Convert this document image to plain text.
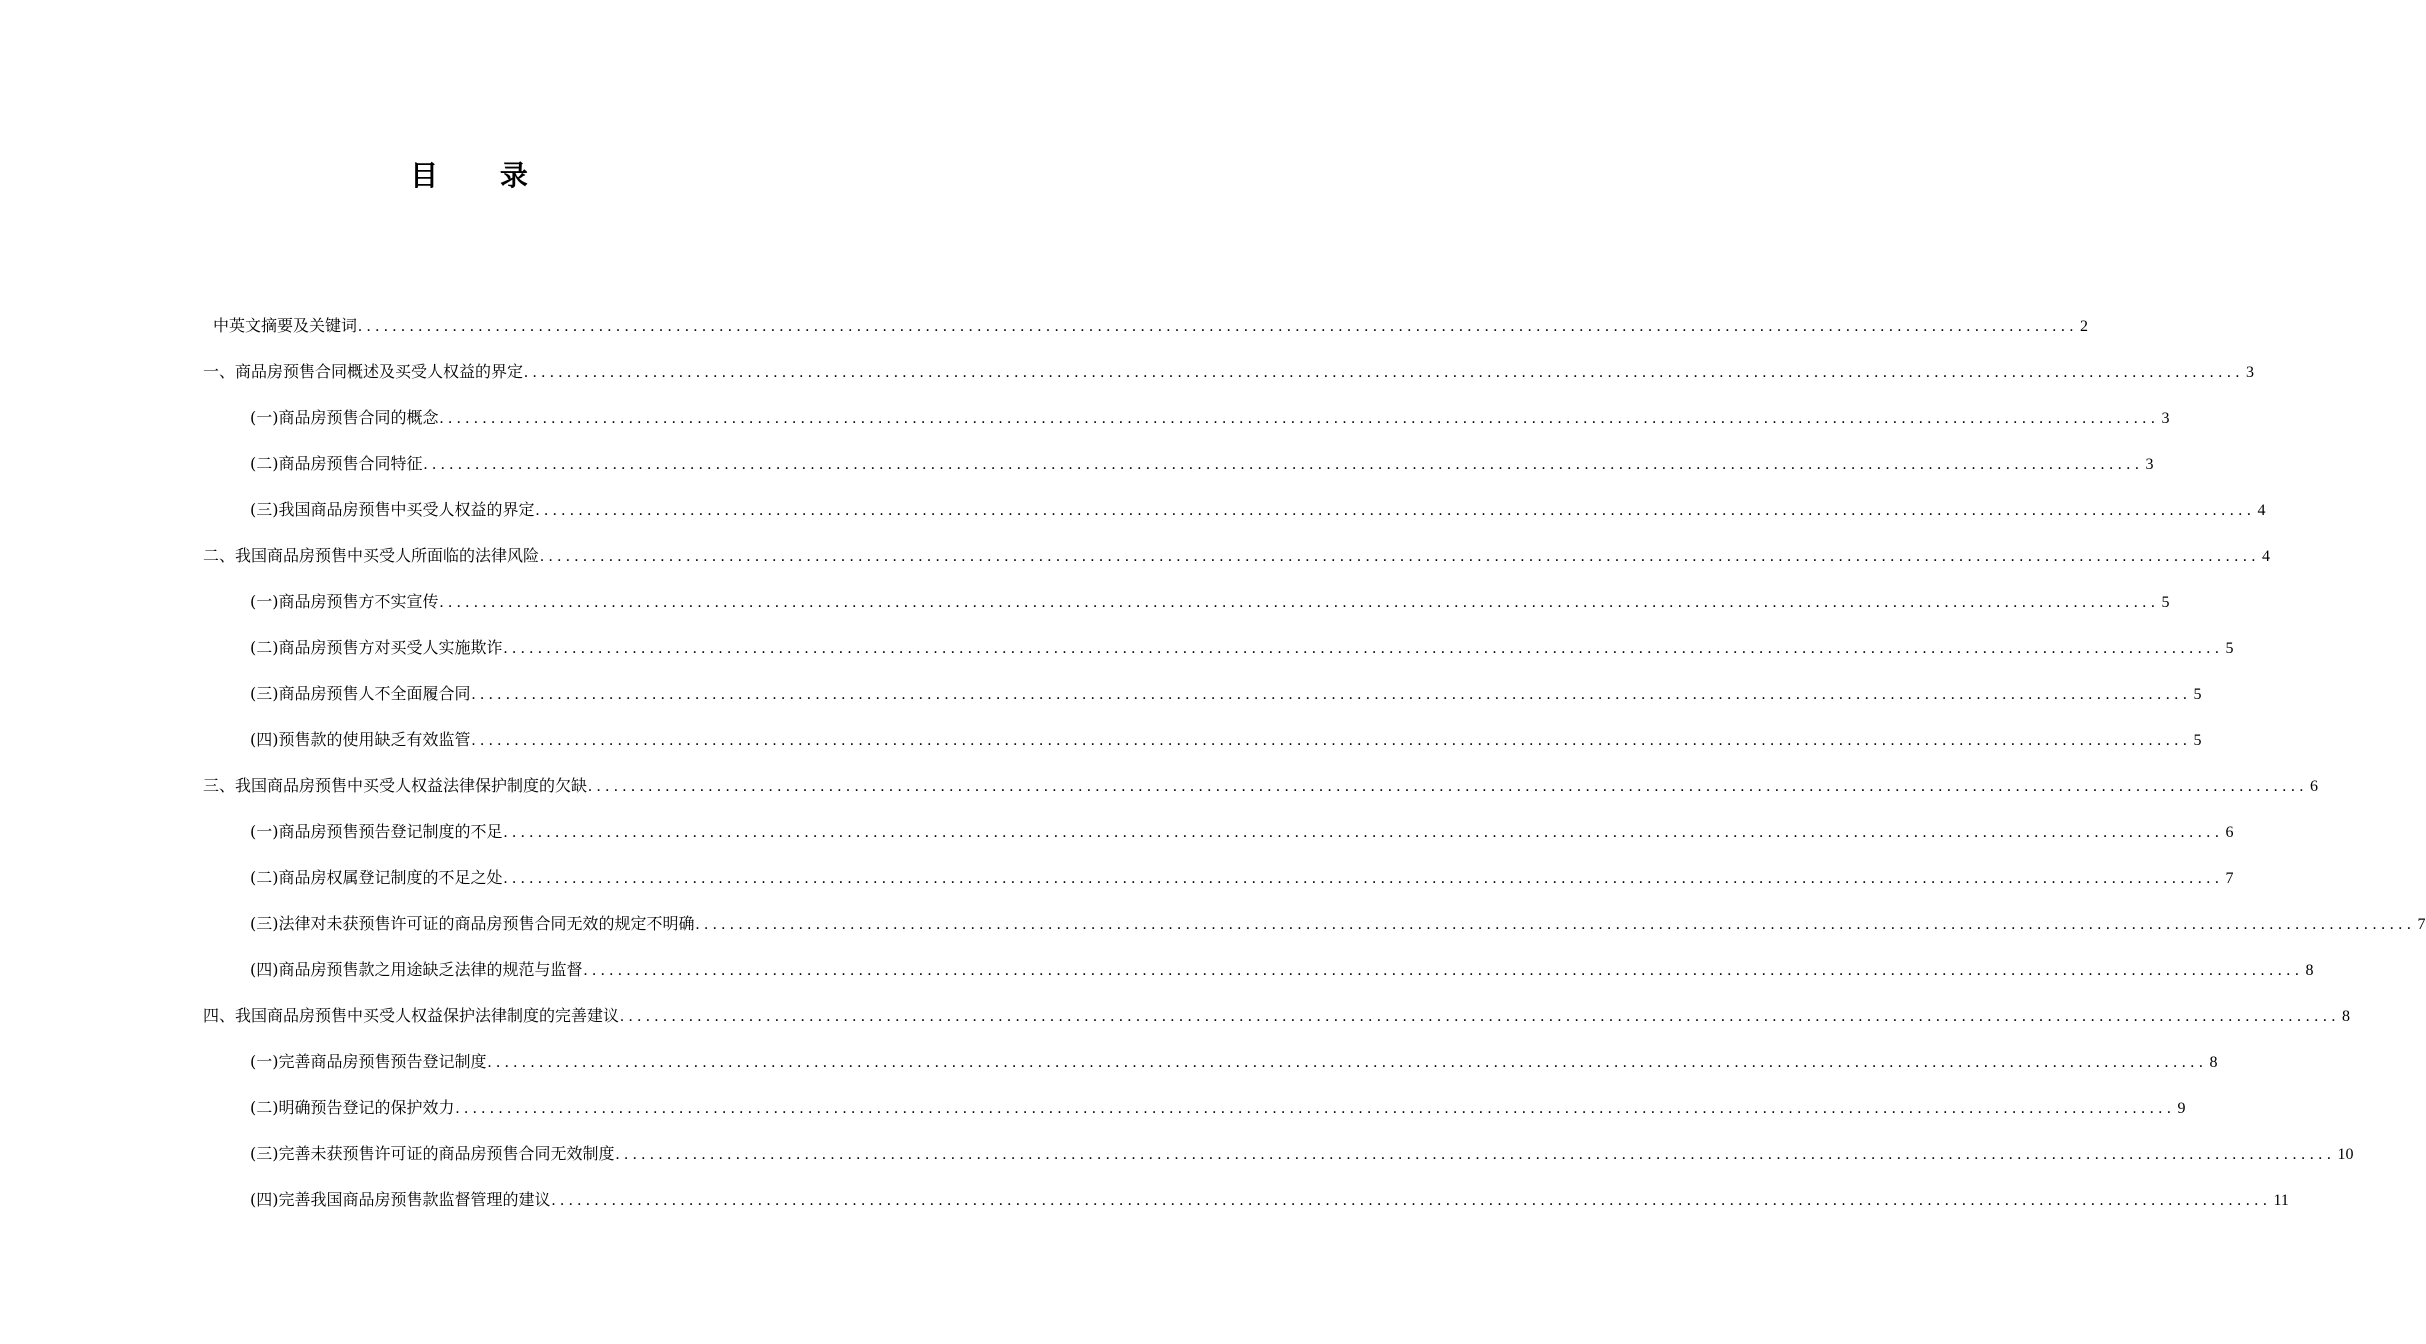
目 录
中英文摘要及关键词 ........................................................................................................................................................................................................ 2
一、商品房预售合同概述及买受人权益的界定 ........................................................................................................................................................................................................ 3
(一)商品房预售合同的概念 ........................................................................................................................................................................................................ 3
(二)商品房预售合同特征 ........................................................................................................................................................................................................ 3
(三)我国商品房预售中买受人权益的界定 ........................................................................................................................................................................................................ 4
二、我国商品房预售中买受人所面临的法律风险 ........................................................................................................................................................................................................ 4
(一)商品房预售方不实宣传 ........................................................................................................................................................................................................ 5
(二)商品房预售方对买受人实施欺诈 ........................................................................................................................................................................................................ 5
(三)商品房预售人不全面履合同 ........................................................................................................................................................................................................ 5
(四)预售款的使用缺乏有效监管 ........................................................................................................................................................................................................ 5
三、我国商品房预售中买受人权益法律保护制度的欠缺 ........................................................................................................................................................................................................ 6
(一)商品房预售预告登记制度的不足 ........................................................................................................................................................................................................ 6
(二)商品房权属登记制度的不足之处 ........................................................................................................................................................................................................ 7
(三)法律对未获预售许可证的商品房预售合同无效的规定不明确 ........................................................................................................................................................................................................ 7
(四)商品房预售款之用途缺乏法律的规范与监督 ........................................................................................................................................................................................................ 8
四、我国商品房预售中买受人权益保护法律制度的完善建议 ........................................................................................................................................................................................................ 8
(一)完善商品房预售预告登记制度 ........................................................................................................................................................................................................ 8
(二)明确预告登记的保护效力 ........................................................................................................................................................................................................ 9
(三)完善未获预售许可证的商品房预售合同无效制度 ........................................................................................................................................................................................................ 10
(四)完善我国商品房预售款监督管理的建议 ........................................................................................................................................................................................................ 11
